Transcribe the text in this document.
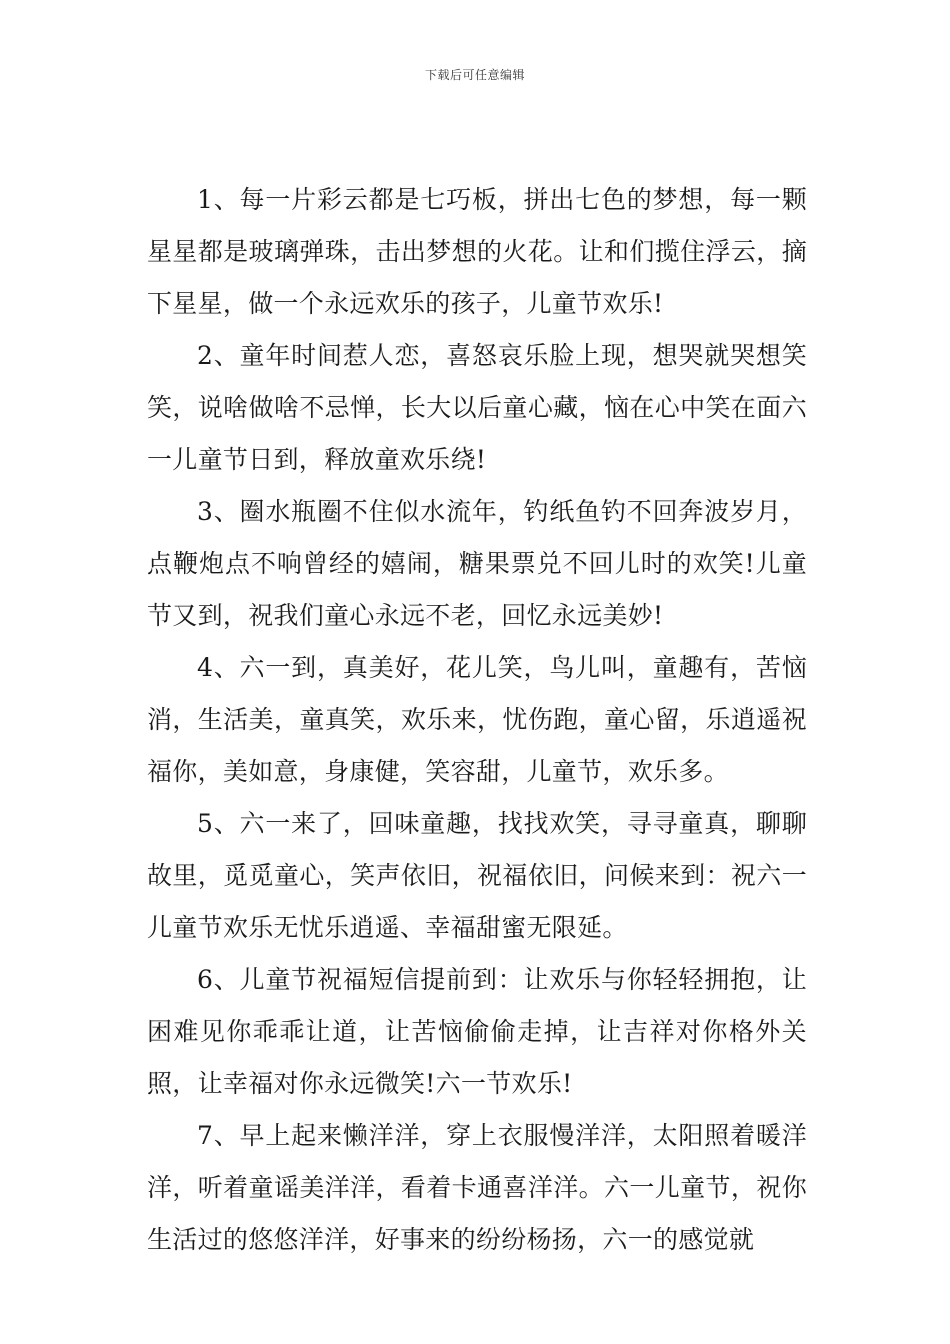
下载后可任意编辑

1、每一片彩云都是七巧板，拼出七色的梦想，每一颗星星都是玻璃弹珠，击出梦想的火花。让和们揽住浮云，摘下星星，做一个永远欢乐的孩子，儿童节欢乐!

2、童年时间惹人恋，喜怒哀乐脸上现，想哭就哭想笑笑，说啥做啥不忌惮，长大以后童心藏，恼在心中笑在面六一儿童节日到，释放童欢乐绕!

3、圈水瓶圈不住似水流年，钓纸鱼钓不回奔波岁月，点鞭炮点不响曾经的嬉闹，糖果票兑不回儿时的欢笑!儿童节又到，祝我们童心永远不老，回忆永远美妙!

4、六一到，真美好，花儿笑，鸟儿叫，童趣有，苦恼消，生活美，童真笑，欢乐来，忧伤跑，童心留，乐逍遥祝福你，美如意，身康健，笑容甜，儿童节，欢乐多。

5、六一来了，回味童趣，找找欢笑，寻寻童真，聊聊故里，觅觅童心，笑声依旧，祝福依旧，问候来到：祝六一儿童节欢乐无忧乐逍遥、幸福甜蜜无限延。

6、儿童节祝福短信提前到：让欢乐与你轻轻拥抱，让困难见你乖乖让道，让苦恼偷偷走掉，让吉祥对你格外关照，让幸福对你永远微笑!六一节欢乐!

7、早上起来懒洋洋，穿上衣服慢洋洋，太阳照着暖洋洋，听着童谣美洋洋，看着卡通喜洋洋。六一儿童节，祝你生活过的悠悠洋洋，好事来的纷纷杨扬，六一的感觉就
